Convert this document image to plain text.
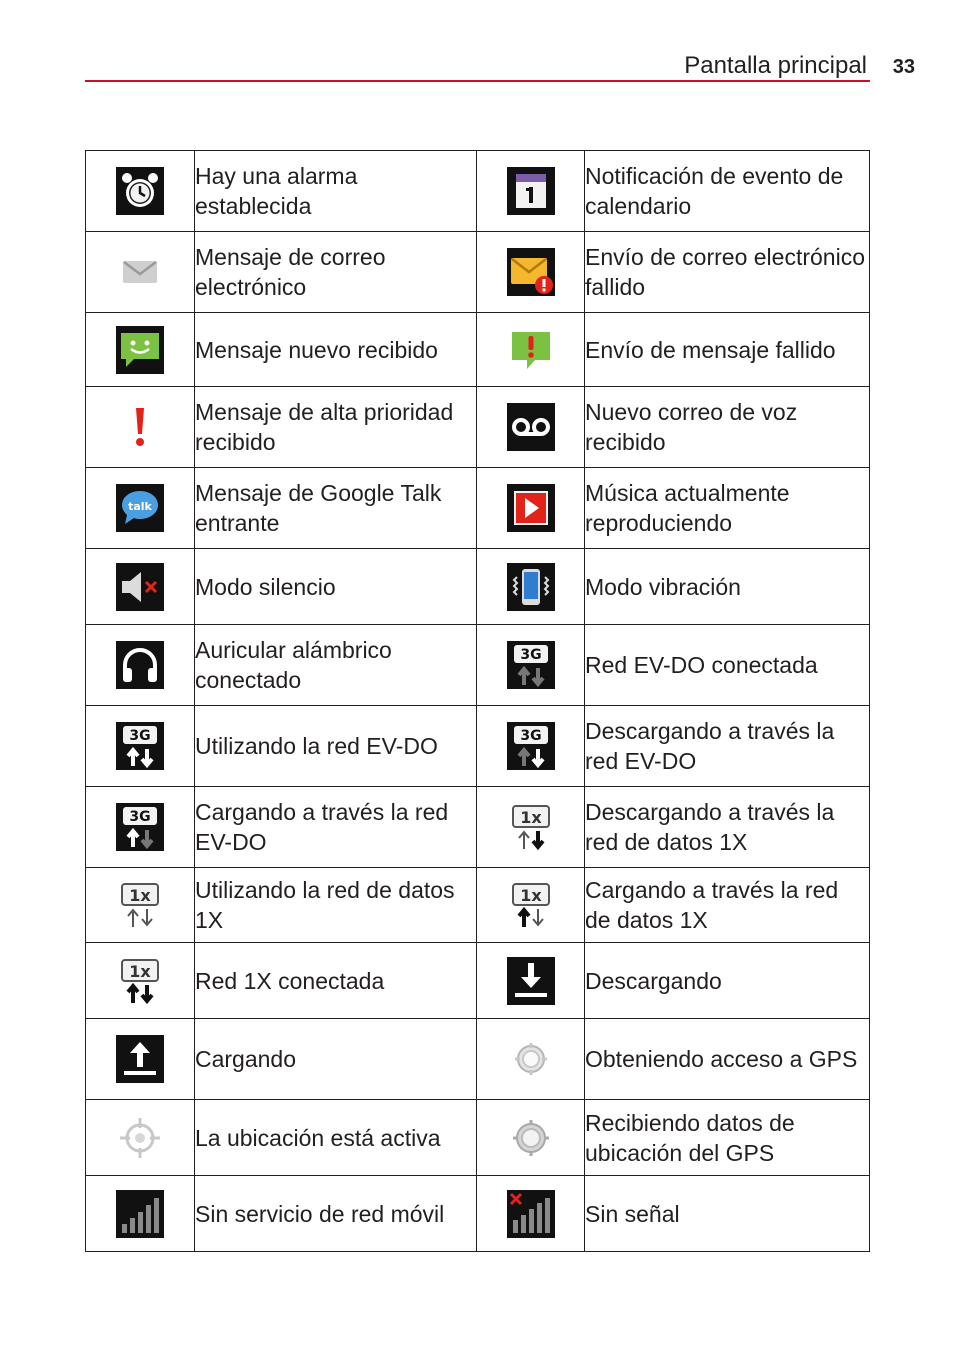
Pantalla principal 33
	Hay una alarma establecida		Notificación de evento de calendario

	Mensaje de correo electrónico		Envío de correo electrónico fallido

	Mensaje nuevo recibido		Envío de mensaje fallido

	Mensaje de alta prioridad recibido		Nuevo correo de voz recibido

talk	Mensaje de Google Talk entrante		Música actualmente reproduciendo

	Modo silencio		Modo vibración

	Auricular alámbrico conectado	3G	Red EV-DO conectada

3G	Utilizando la red EV-DO	3G	Descargando a través la red EV-DO

3G	Cargando a través la red EV-DO	1x	Descargando a través la red de datos 1X

1x	Utilizando la red de datos 1X	1x	Cargando a través la red de datos 1X

1x	Red 1X conectada		Descargando

	Cargando		Obteniendo acceso a GPS

	La ubicación está activa		Recibiendo datos de ubicación del GPS

	Sin servicio de red móvil		Sin señal
